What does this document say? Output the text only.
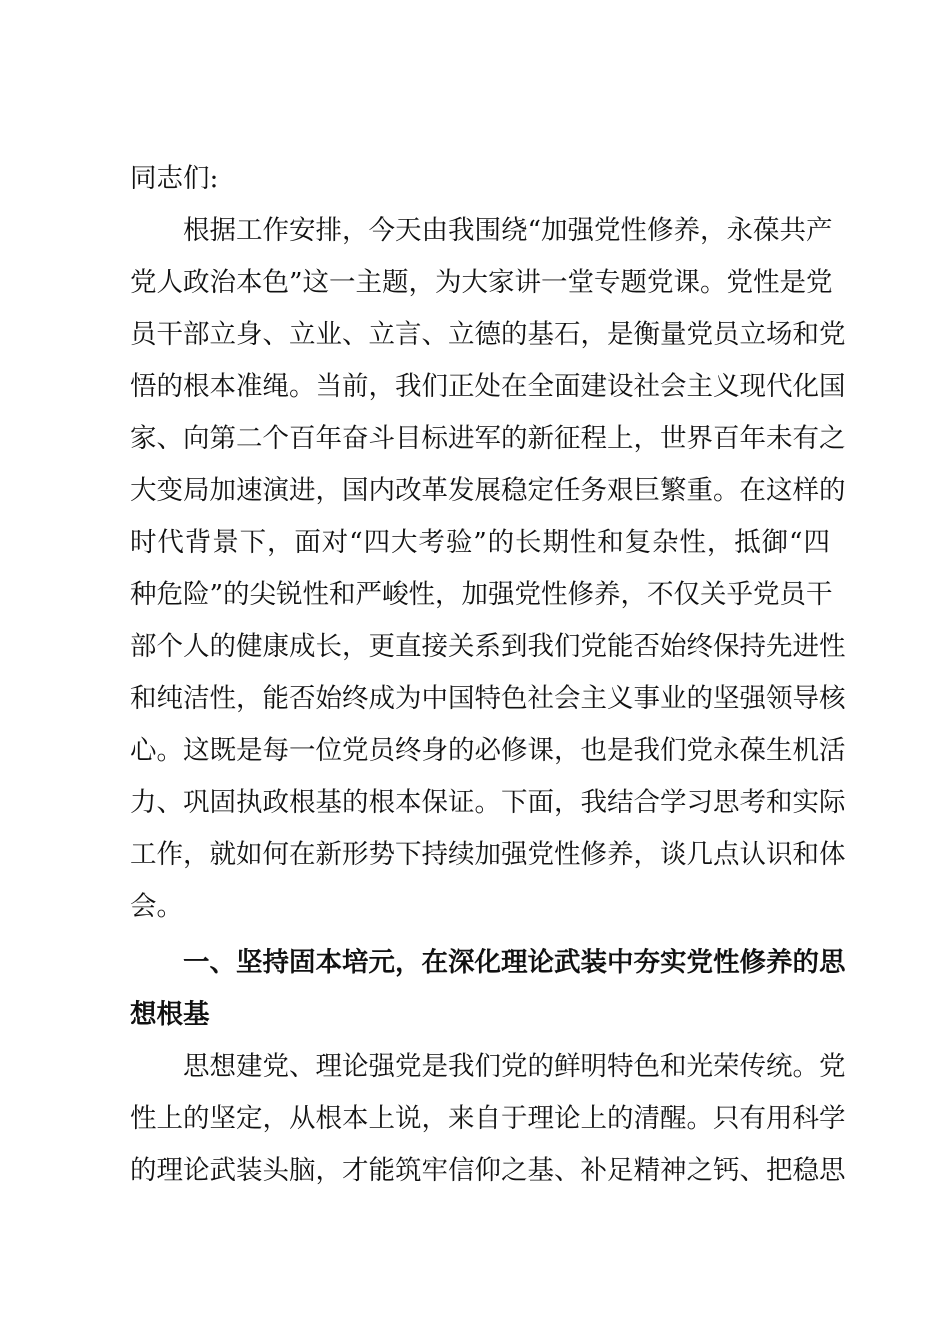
同志们:
根据工作安排，今天由我围绕“加强党性修养，永葆共产
党人政治本色”这一主题，为大家讲一堂专题党课。党性是党
员干部立身、立业、立言、立德的基石，是衡量党员立场和党
悟的根本准绳。当前，我们正处在全面建设社会主义现代化国
家、向第二个百年奋斗目标进军的新征程上，世界百年未有之
大变局加速演进，国内改革发展稳定任务艰巨繁重。在这样的
时代背景下，面对“四大考验”的长期性和复杂性，抵御“四
种危险”的尖锐性和严峻性，加强党性修养，不仅关乎党员干
部个人的健康成长，更直接关系到我们党能否始终保持先进性
和纯洁性，能否始终成为中国特色社会主义事业的坚强领导核
心。这既是每一位党员终身的必修课，也是我们党永葆生机活
力、巩固执政根基的根本保证。下面，我结合学习思考和实际
工作，就如何在新形势下持续加强党性修养，谈几点认识和体
会。
一、坚持固本培元，在深化理论武装中夯实党性修养的思
想根基
思想建党、理论强党是我们党的鲜明特色和光荣传统。党
性上的坚定，从根本上说，来自于理论上的清醒。只有用科学
的理论武装头脑，才能筑牢信仰之基、补足精神之钙、把稳思
